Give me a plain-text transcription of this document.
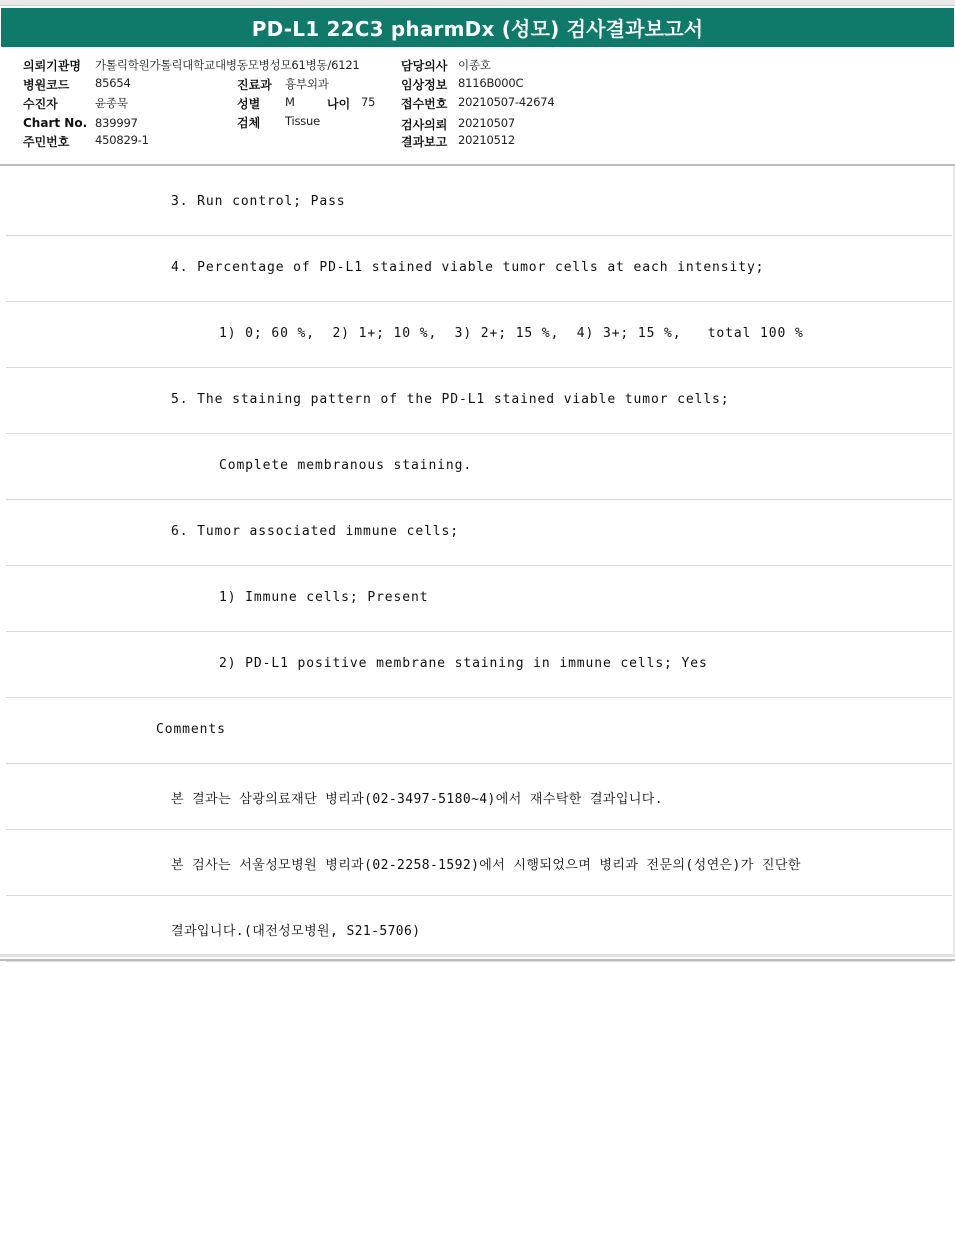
PD-L1 22C3 pharmDx (성모) 검사결과보고서
의뢰기관명 가톨릭학원가톨릭대학교대병동모병성모61병동/6121
병원코드 85654
수진자	윤종묵
Chart No. 839997
주민번호 450829-1
진료과 흉부외과
성별 M	나이 75
검체 Tissue
담당의사 이종호
임상정보 8116B000C
접수번호 20210507-42674
검사의뢰 20210507
결과보고 20210512
3. Run control; Pass
4. Percentage of PD-L1 stained viable tumor cells at each intensity;
1) 0; 60 %,  2) 1+; 10 %,  3) 2+; 15 %,  4) 3+; 15 %,   total 100 %
5. The staining pattern of the PD-L1 stained viable tumor cells;
Complete membranous staining.
6. Tumor associated immune cells;
1) Immune cells; Present
2) PD-L1 positive membrane staining in immune cells; Yes
Comments
본 결과는 삼광의료재단 병리과(02-3497-5180~4)에서 재수탁한 결과입니다.
본 검사는 서울성모병원 병리과(02-2258-1592)에서 시행되었으며 병리과 전문의(성연은)가 진단한
결과입니다.(대전성모병원, S21-5706)
